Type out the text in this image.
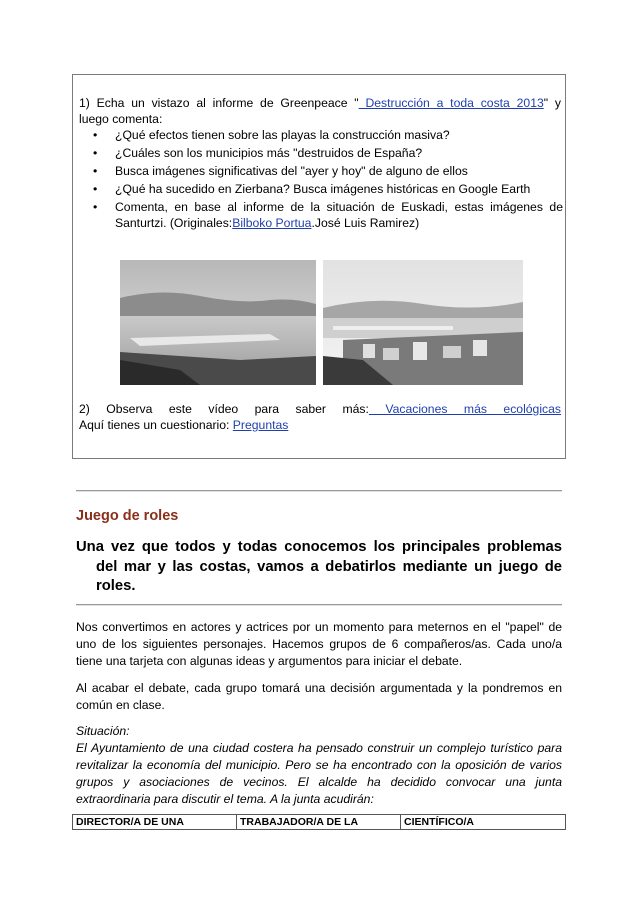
1) Echa un vistazo al informe de Greenpeace " Destrucción a toda costa 2013" y
luego comenta:
• ¿Qué efectos tienen sobre las playas la construcción masiva?
• ¿Cuáles son los municipios más "destruidos de España?
• Busca imágenes significativas del "ayer y hoy" de alguno de ellos
• ¿Qué ha sucedido en Zierbana? Busca imágenes históricas en Google Earth
• Comenta, en base al informe de la situación de Euskadi, estas imágenes de
Santurtzi. (Originales:Bilboko Portua.José Luis Ramirez)
2) Observa este vídeo para saber más: Vacaciones más ecológicas
Aquí tienes un cuestionario: Preguntas
Juego de roles
Una vez que todos y todas conocemos los principales problemas
del mar y las costas, vamos a debatirlos mediante un juego de roles.
Nos convertimos en actores y actrices por un momento para meternos en el "papel" de uno de los siguientes personajes. Hacemos grupos de 6 compañeros/as. Cada uno/a tiene una tarjeta con algunas ideas y argumentos para iniciar el debate.
Al acabar el debate, cada grupo tomará una decisión argumentada y la pondremos en común en clase.
Situación:
El Ayuntamiento de una ciudad costera ha pensado construir un complejo turístico para revitalizar la economía del municipio. Pero se ha encontrado con la oposición de varios grupos y asociaciones de vecinos. El alcalde ha decidido convocar una junta extraordinaria para discutir el tema. A la junta acudirán:
DIRECTOR/A DE UNA	TRABAJADOR/A DE LA	CIENTÍFICO/A
